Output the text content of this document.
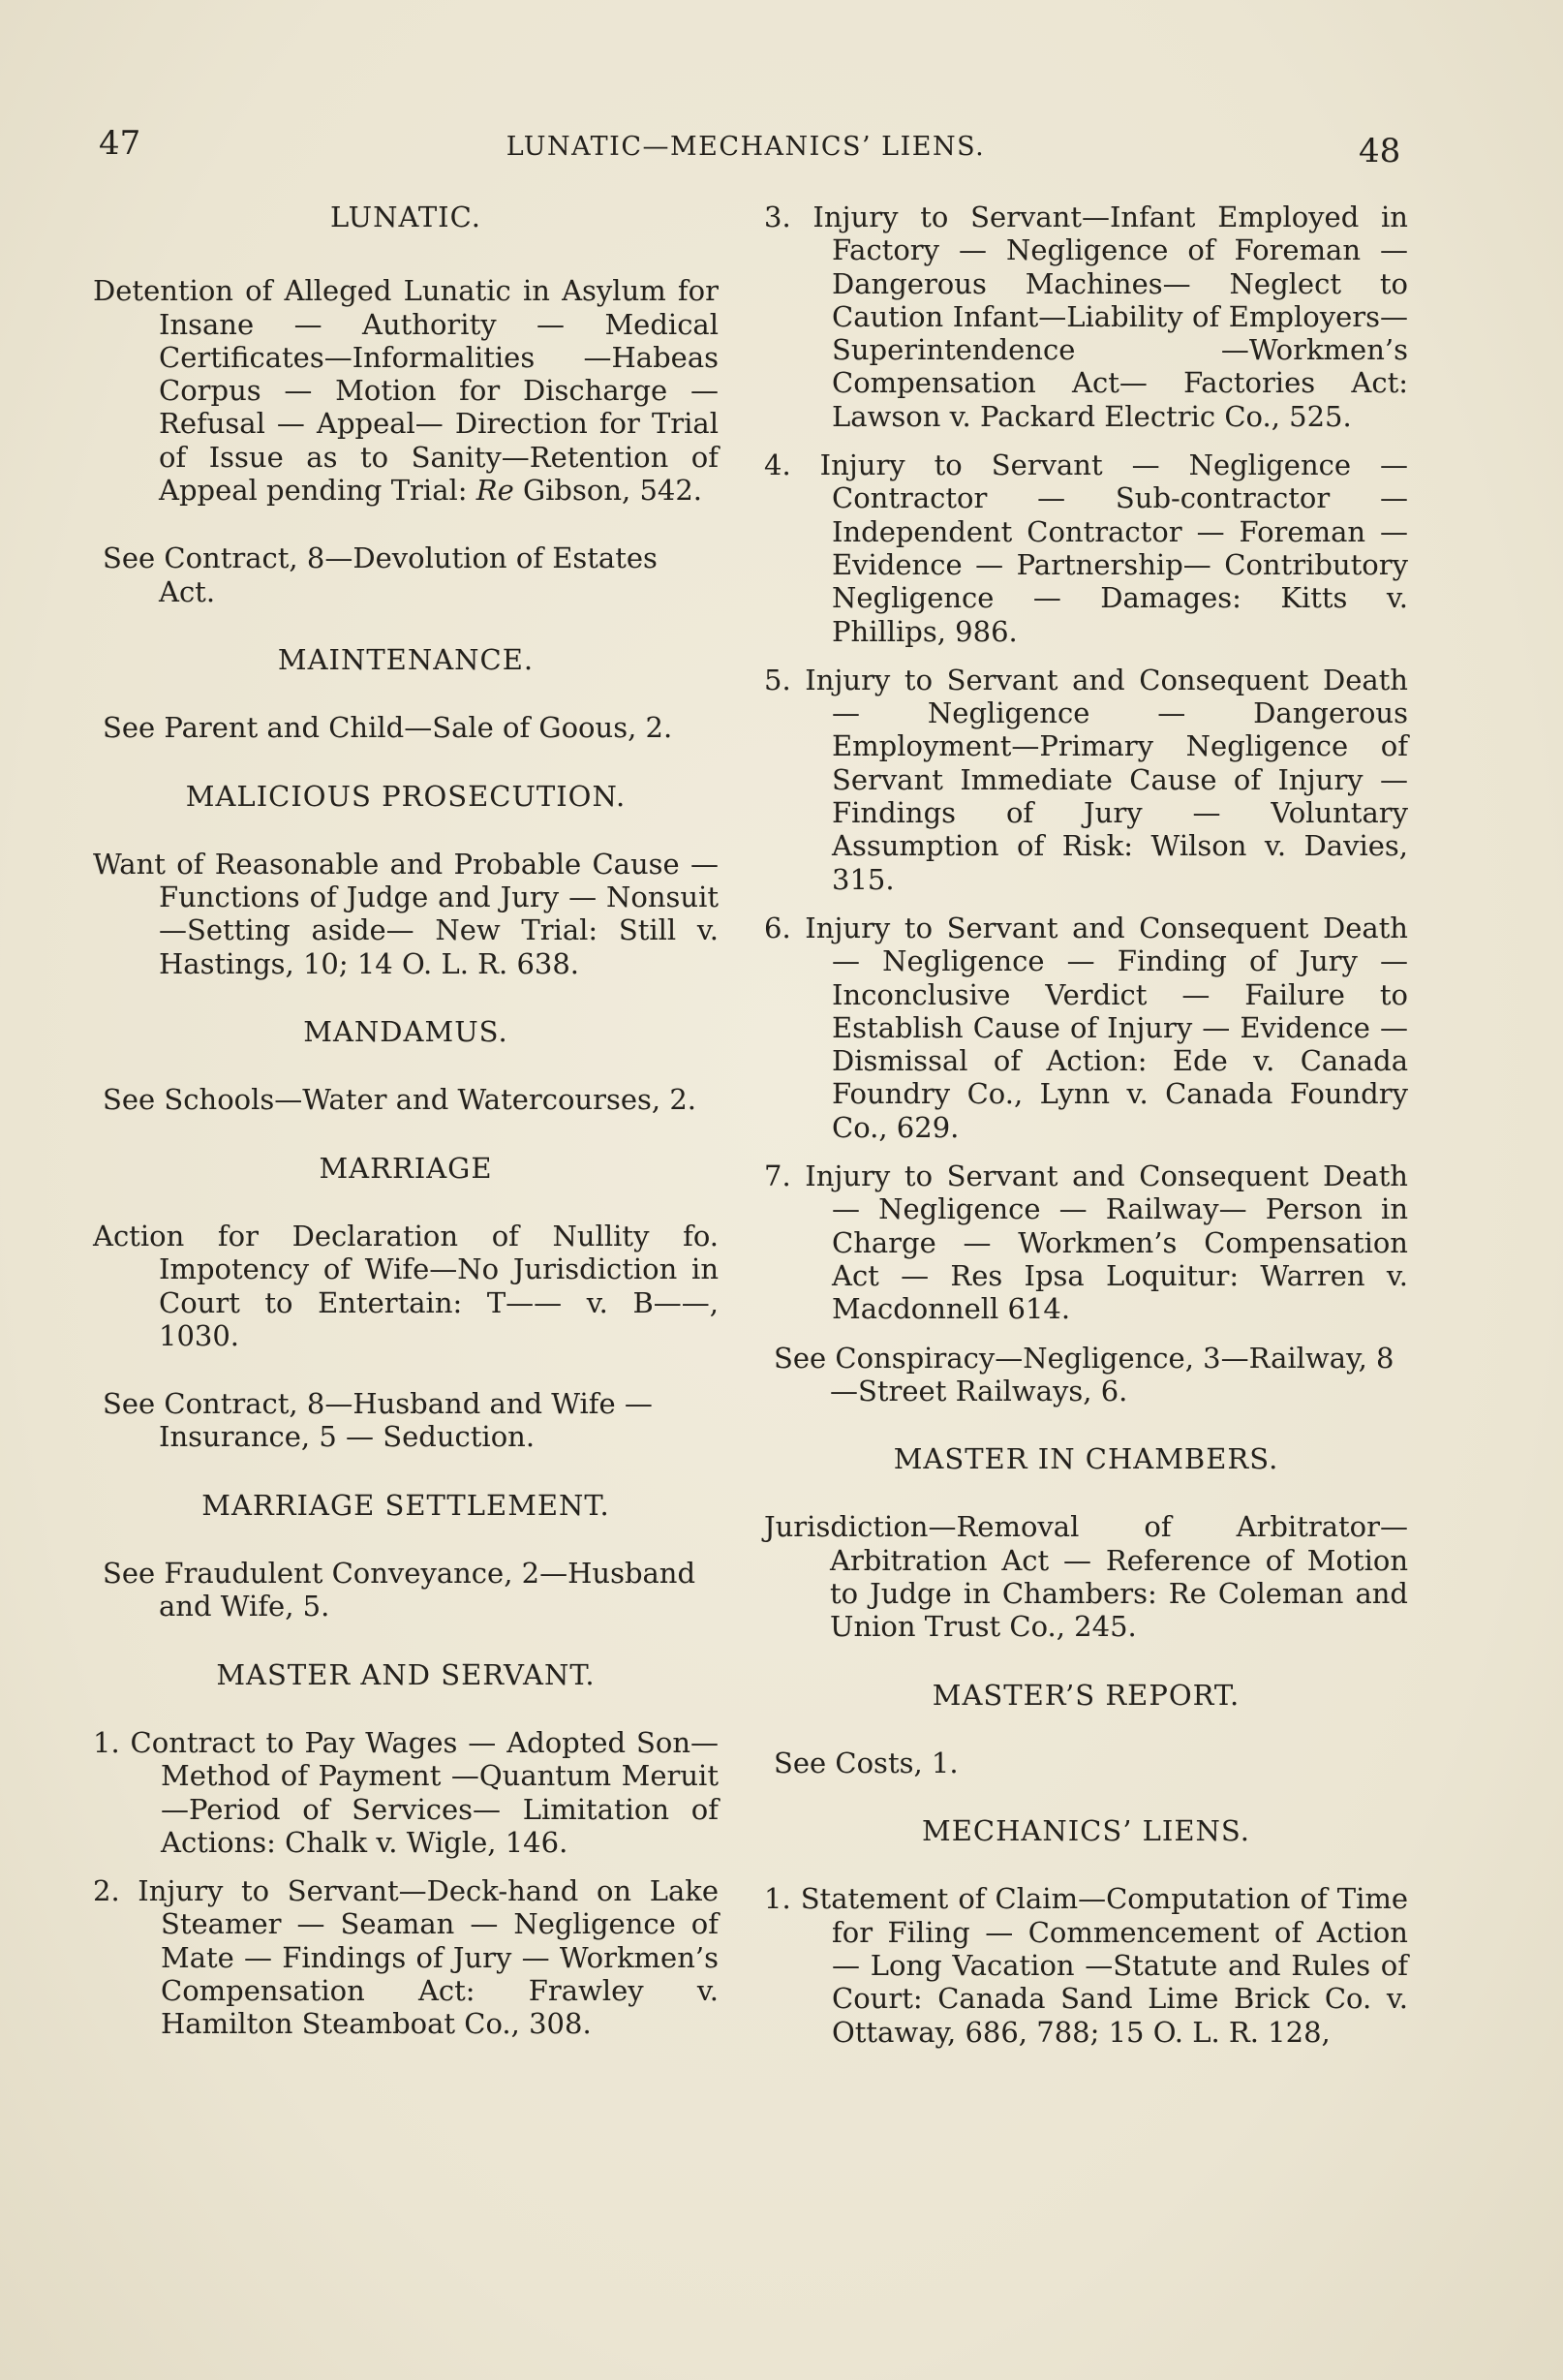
47	LUNATIC—MECHANICS’ LIENS.	48
LUNATIC.
Detention of Alleged Lunatic in Asylum for Insane — Authority — Medical Certificates—Informalities —Habeas Corpus — Motion for Discharge — Refusal — Appeal— Direction for Trial of Issue as to Sanity—Retention of Appeal pending Trial: Re Gibson, 542.
See Contract, 8—Devolution of Estates Act.
MAINTENANCE.
See Parent and Child—Sale of Goous, 2.
MALICIOUS PROSECUTION.
Want of Reasonable and Probable Cause — Functions of Judge and Jury — Nonsuit—Setting aside— New Trial: Still v. Hastings, 10; 14 O. L. R. 638.
MANDAMUS.
See Schools—Water and Watercourses, 2.
MARRIAGE
Action for Declaration of Nullity fo. Impotency of Wife—No Jurisdiction in Court to Entertain: T—— v. B——, 1030.
See Contract, 8—Husband and Wife —Insurance, 5 — Seduction.
MARRIAGE SETTLEMENT.
See Fraudulent Conveyance, 2—Husband and Wife, 5.
MASTER AND SERVANT.
1. Contract to Pay Wages — Adopted Son—Method of Payment —Quantum Meruit—Period of Services— Limitation of Actions: Chalk v. Wigle, 146.
2. Injury to Servant—Deck-hand on Lake Steamer — Seaman — Negligence of Mate — Findings of Jury — Workmen’s Compensation Act: Frawley v. Hamilton Steamboat Co., 308.
3. Injury to Servant—Infant Employed in Factory — Negligence of Foreman — Dangerous Machines— Neglect to Caution Infant—Liability of Employers—Superintendence —Workmen’s Compensation Act— Factories Act: Lawson v. Packard Electric Co., 525.
4. Injury to Servant — Negligence — Contractor — Sub-contractor — Independent Contractor — Foreman — Evidence — Partnership— Contributory Negligence — Damages: Kitts v. Phillips, 986.
5. Injury to Servant and Consequent Death — Negligence — Dangerous Employment—Primary Negligence of Servant Immediate Cause of Injury — Findings of Jury — Voluntary Assumption of Risk: Wilson v. Davies, 315.
6. Injury to Servant and Consequent Death — Negligence — Finding of Jury — Inconclusive Verdict — Failure to Establish Cause of Injury — Evidence — Dismissal of Action: Ede v. Canada Foundry Co., Lynn v. Canada Foundry Co., 629.
7. Injury to Servant and Consequent Death — Negligence — Railway— Person in Charge — Workmen’s Compensation Act — Res Ipsa Loquitur: Warren v. Macdonnell 614.
See Conspiracy—Negligence, 3—Railway, 8—Street Railways, 6.
MASTER IN CHAMBERS.
Jurisdiction—Removal of Arbitrator— Arbitration Act — Reference of Motion to Judge in Chambers: Re Coleman and Union Trust Co., 245.
MASTER’S REPORT.
See Costs, 1.
MECHANICS’ LIENS.
1. Statement of Claim—Computation of Time for Filing — Commencement of Action — Long Vacation —Statute and Rules of Court: Canada Sand Lime Brick Co. v. Ottaway, 686, 788; 15 O. L. R. 128,
